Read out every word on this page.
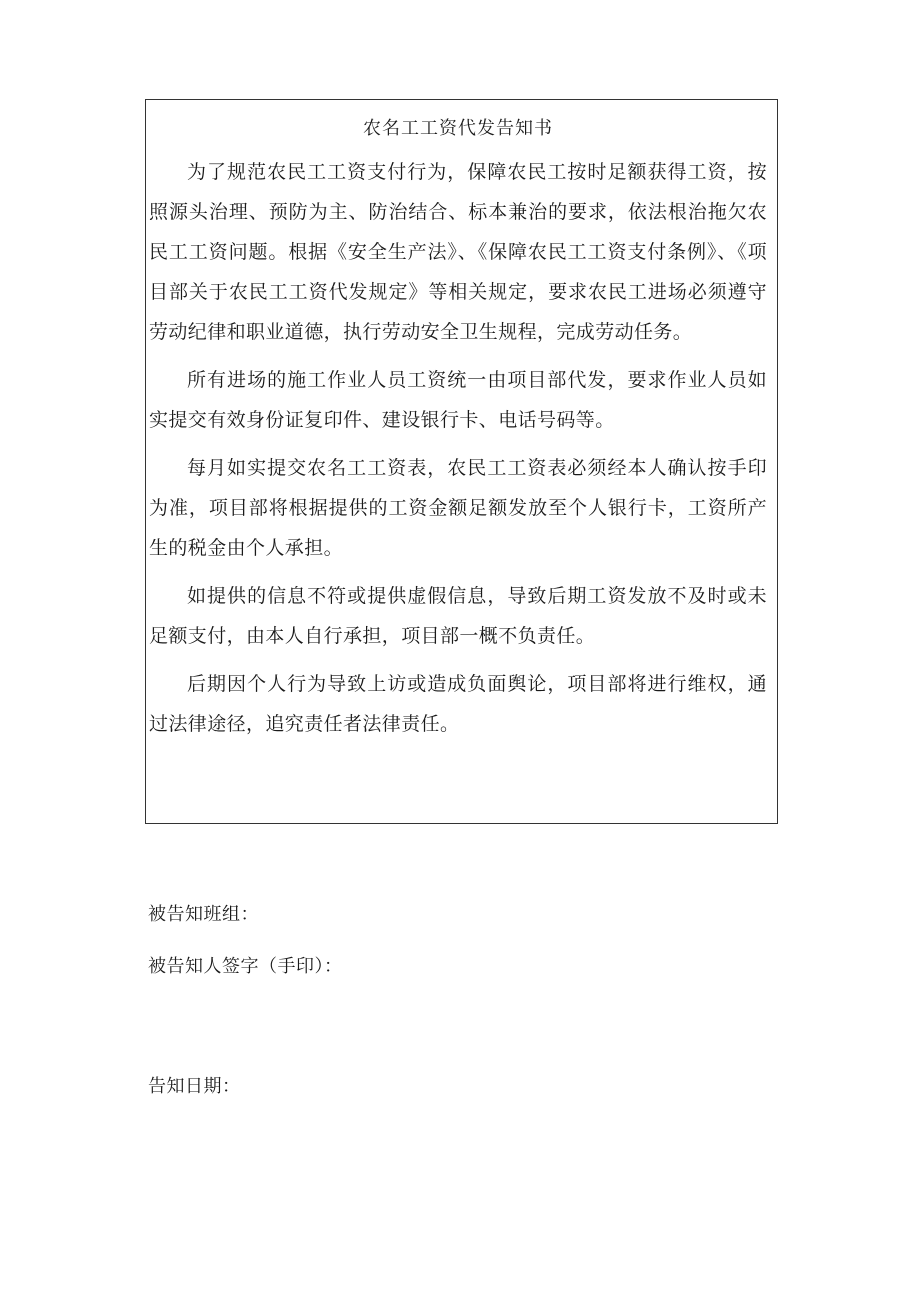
农名工工资代发告知书

为了规范农民工工资支付行为，保障农民工按时足额获得工资，按照源头治理、预防为主、防治结合、标本兼治的要求，依法根治拖欠农民工工资问题。根据《安全生产法》、《保障农民工工资支付条例》、《项目部关于农民工工资代发规定》等相关规定，要求农民工进场必须遵守劳动纪律和职业道德，执行劳动安全卫生规程，完成劳动任务。

所有进场的施工作业人员工资统一由项目部代发，要求作业人员如实提交有效身份证复印件、建设银行卡、电话号码等。

每月如实提交农名工工资表，农民工工资表必须经本人确认按手印为准，项目部将根据提供的工资金额足额发放至个人银行卡，工资所产生的税金由个人承担。

如提供的信息不符或提供虚假信息，导致后期工资发放不及时或未足额支付，由本人自行承担，项目部一概不负责任。

后期因个人行为导致上访或造成负面舆论，项目部将进行维权，通过法律途径，追究责任者法律责任。

被告知班组：
被告知人签字（手印）：
告知日期：
